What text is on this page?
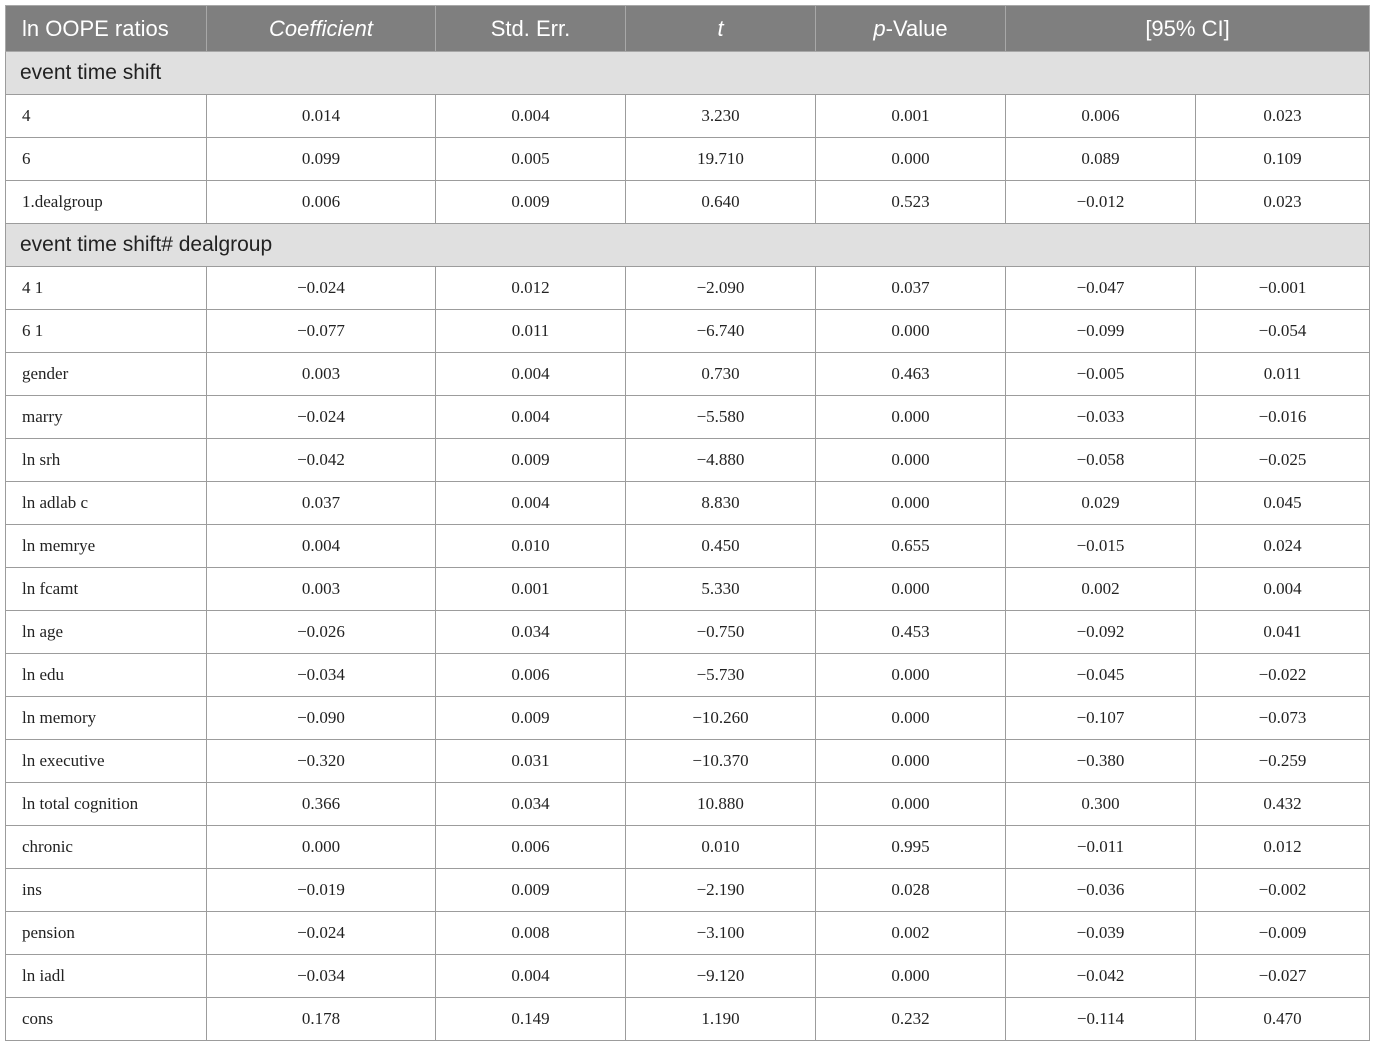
ln OOPE ratios	Coefficient	Std. Err.	t	p-Value	[95% CI]	
event time shift						
4	0.014	0.004	3.230	0.001	0.006	0.023
6	0.099	0.005	19.710	0.000	0.089	0.109
1.dealgroup	0.006	0.009	0.640	0.523	−0.012	0.023
event time shift# dealgroup						
4 1	−0.024	0.012	−2.090	0.037	−0.047	−0.001
6 1	−0.077	0.011	−6.740	0.000	−0.099	−0.054
gender	0.003	0.004	0.730	0.463	−0.005	0.011
marry	−0.024	0.004	−5.580	0.000	−0.033	−0.016
ln srh	−0.042	0.009	−4.880	0.000	−0.058	−0.025
ln adlab c	0.037	0.004	8.830	0.000	0.029	0.045
ln memrye	0.004	0.010	0.450	0.655	−0.015	0.024
ln fcamt	0.003	0.001	5.330	0.000	0.002	0.004
ln age	−0.026	0.034	−0.750	0.453	−0.092	0.041
ln edu	−0.034	0.006	−5.730	0.000	−0.045	−0.022
ln memory	−0.090	0.009	−10.260	0.000	−0.107	−0.073
ln executive	−0.320	0.031	−10.370	0.000	−0.380	−0.259
ln total cognition	0.366	0.034	10.880	0.000	0.300	0.432
chronic	0.000	0.006	0.010	0.995	−0.011	0.012
ins	−0.019	0.009	−2.190	0.028	−0.036	−0.002
pension	−0.024	0.008	−3.100	0.002	−0.039	−0.009
ln iadl	−0.034	0.004	−9.120	0.000	−0.042	−0.027
cons	0.178	0.149	1.190	0.232	−0.114	0.470
